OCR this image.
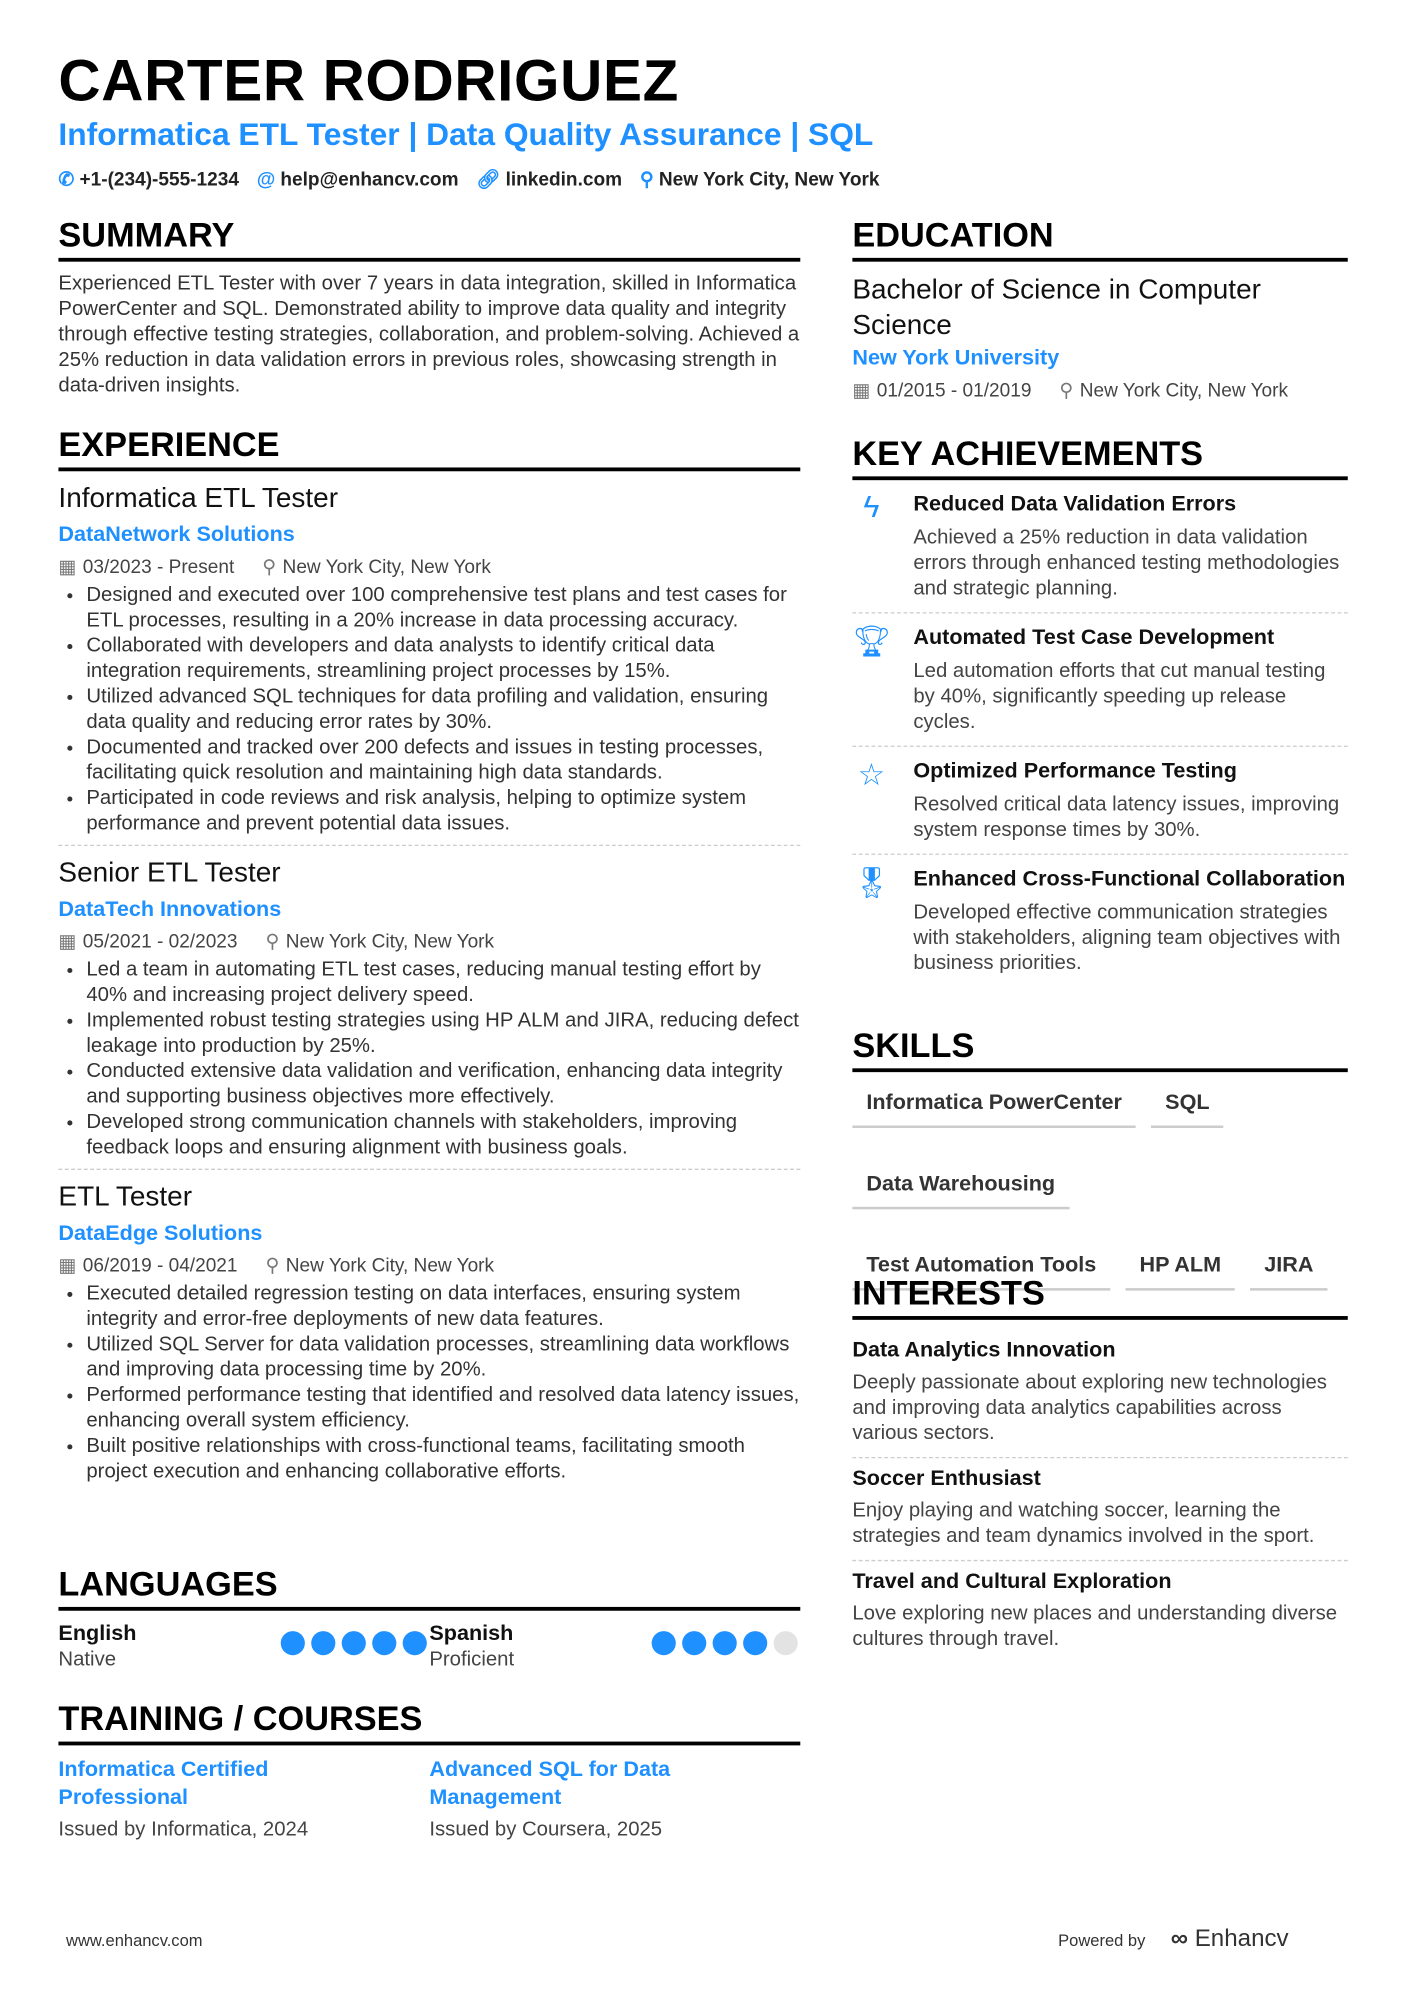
CARTER RODRIGUEZ
Informatica ETL Tester | Data Quality Assurance | SQL
✆ +1-(234)-555-1234 @ help@enhancv.com 🔗︎ linkedin.com ⚲ New York City, New York
SUMMARY
Experienced ETL Tester with over 7 years in data integration, skilled in Informatica PowerCenter and SQL. Demonstrated ability to improve data quality and integrity through effective testing strategies, collaboration, and problem-solving. Achieved a 25% reduction in data validation errors in previous roles, showcasing strength in data-driven insights.
EXPERIENCE
Informatica ETL Tester
DataNetwork Solutions
▦ 03/2023 - Present ⚲ New York City, New York
• Designed and executed over 100 comprehensive test plans and test cases for ETL processes, resulting in a 20% increase in data processing accuracy.
• Collaborated with developers and data analysts to identify critical data integration requirements, streamlining project processes by 15%.
• Utilized advanced SQL techniques for data profiling and validation, ensuring data quality and reducing error rates by 30%.
• Documented and tracked over 200 defects and issues in testing processes, facilitating quick resolution and maintaining high data standards.
• Participated in code reviews and risk analysis, helping to optimize system performance and prevent potential data issues.
Senior ETL Tester
DataTech Innovations
▦ 05/2021 - 02/2023 ⚲ New York City, New York
• Led a team in automating ETL test cases, reducing manual testing effort by 40% and increasing project delivery speed.
• Implemented robust testing strategies using HP ALM and JIRA, reducing defect leakage into production by 25%.
• Conducted extensive data validation and verification, enhancing data integrity and supporting business objectives more effectively.
• Developed strong communication channels with stakeholders, improving feedback loops and ensuring alignment with business goals.
ETL Tester
DataEdge Solutions
▦ 06/2019 - 04/2021 ⚲ New York City, New York
• Executed detailed regression testing on data interfaces, ensuring system integrity and error-free deployments of new data features.
• Utilized SQL Server for data validation processes, streamlining data workflows and improving data processing time by 20%.
• Performed performance testing that identified and resolved data latency issues, enhancing overall system efficiency.
• Built positive relationships with cross-functional teams, facilitating smooth project execution and enhancing collaborative efforts.
LANGUAGES
English
Native
Spanish
Proficient
TRAINING / COURSES
Informatica Certified Professional
Issued by Informatica, 2024
Advanced SQL for Data Management
Issued by Coursera, 2025
EDUCATION
Bachelor of Science in Computer Science
New York University
▦ 01/2015 - 01/2019 ⚲ New York City, New York
KEY ACHIEVEMENTS
ϟ	Reduced Data Validation Errors
Achieved a 25% reduction in data validation errors through enhanced testing methodologies and strategic planning.
🏆︎ Automated Test Case Development
Led automation efforts that cut manual testing by 40%, significantly speeding up release cycles.
☆	Optimized Performance Testing
Resolved critical data latency issues, improving system response times by 30%.
🎖︎ Enhanced Cross-Functional Collaboration
Developed effective communication strategies with stakeholders, aligning team objectives with business priorities.
SKILLS
Informatica PowerCenter	SQL
Data Warehousing
Test Automation Tools	HP ALM	JIRA
INTERESTS
Data Analytics Innovation
Deeply passionate about exploring new technologies and improving data analytics capabilities across various sectors.
Soccer Enthusiast
Enjoy playing and watching soccer, learning the strategies and team dynamics involved in the sport.
Travel and Cultural Exploration
Love exploring new places and understanding diverse cultures through travel.
www.enhancv.com	Powered by ∞ Enhancv
